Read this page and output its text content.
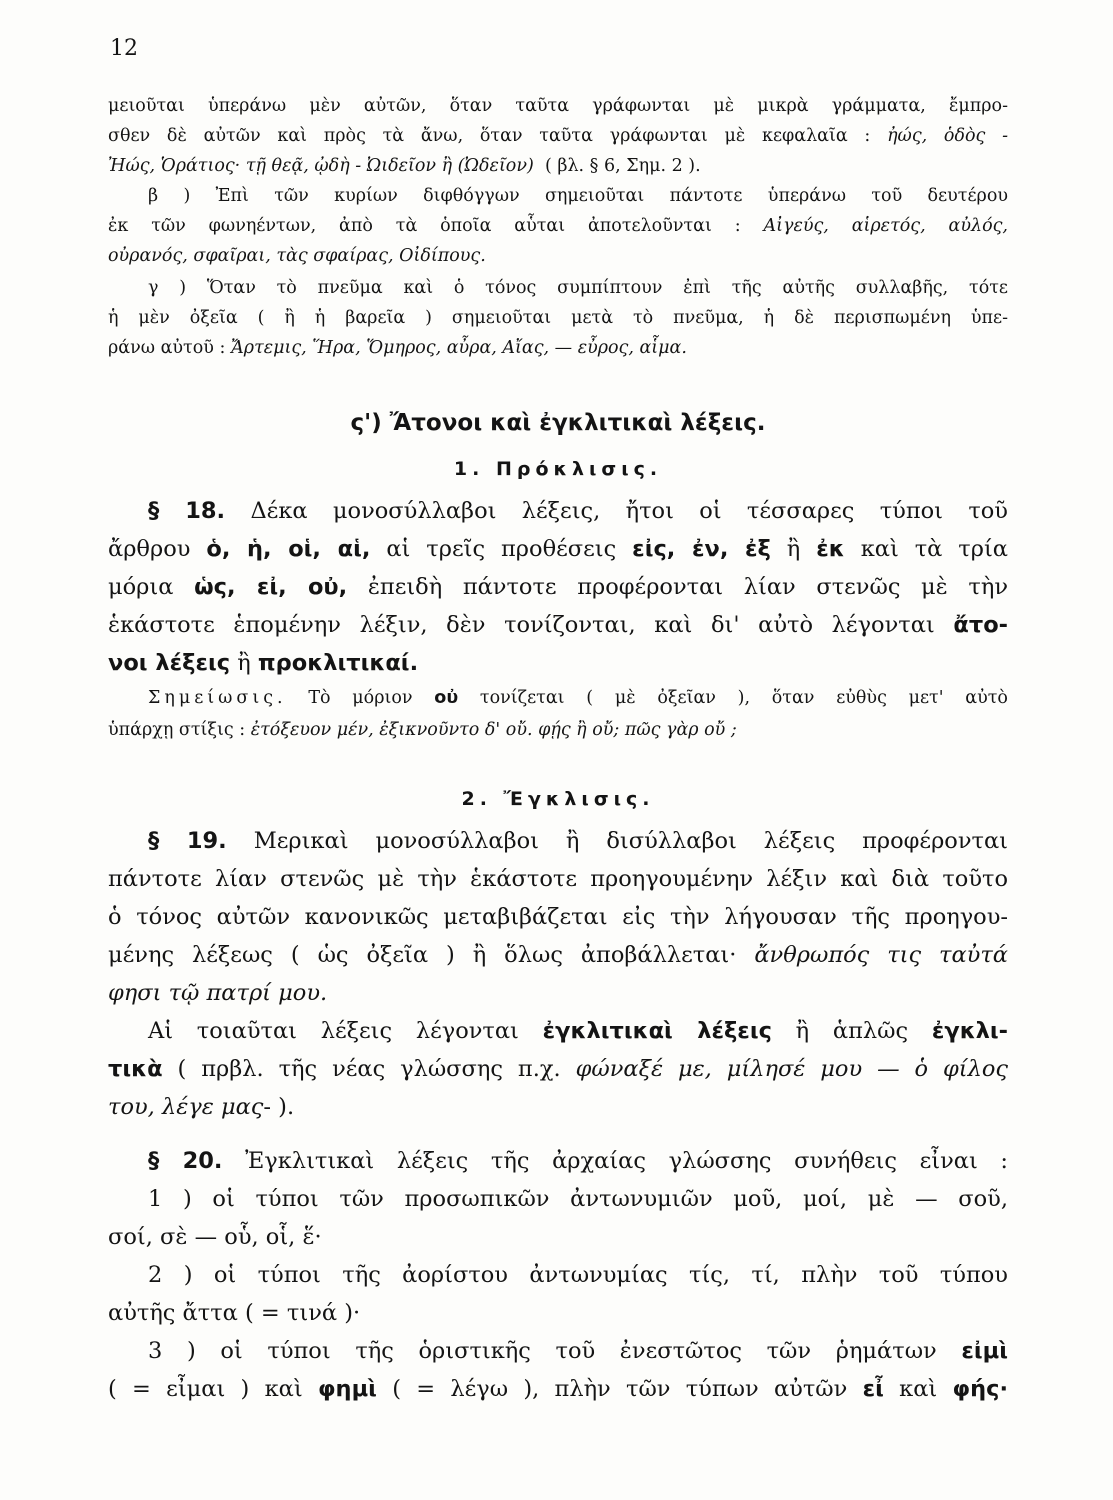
12
μειοῦται ὑπεράνω μὲν αὐτῶν, ὅταν ταῦτα γράφωνται μὲ μικρὰ γράμματα, ἔμπρο-
σθεν δὲ αὐτῶν καὶ πρὸς τὰ ἄνω, ὅταν ταῦτα γράφωνται μὲ κεφαλαῖα : ἠώς, ὁδὸς -
Ἠώς, Ὁράτιος· τῇ θεᾷ, ᾠδὴ - Ὠιδεῖον ἢ (Ὠδεῖον) ( βλ. § 6, Σημ. 2 ).
β ) Ἐπὶ τῶν κυρίων διφθόγγων σημειοῦται πάντοτε ὑπεράνω τοῦ δευτέρου
ἐκ τῶν φωνηέντων, ἀπὸ τὰ ὁποῖα αὗται ἀποτελοῦνται : Αἰγεύς, αἱρετός, αὐλός,
οὐρανός, σφαῖραι, τὰς σφαίρας, Οἰδίπους.
γ ) Ὅταν τὸ πνεῦμα καὶ ὁ τόνος συμπίπτουν ἐπὶ τῆς αὐτῆς συλλαβῆς, τότε
ἡ μὲν ὀξεῖα ( ἢ ἡ βαρεῖα ) σημειοῦται μετὰ τὸ πνεῦμα, ἡ δὲ περισπωμένη ὑπε-
ράνω αὐτοῦ : Ἄρτεμις, Ἥρα, Ὅμηρος, αὖρα, Αἴας, — εὖρος, αἷμα.
ς') Ἄτονοι καὶ ἐγκλιτικαὶ λέξεις.
1. Πρόκλισις.
§ 18. Δέκα μονοσύλλαβοι λέξεις, ἤτοι οἱ τέσσαρες τύποι τοῦ
ἄρθρου ὁ, ἡ, οἱ, αἱ, αἱ τρεῖς προθέσεις εἰς, ἐν, ἐξ ἢ ἐκ καὶ τὰ τρία
μόρια ὡς, εἰ, οὐ, ἐπειδὴ πάντοτε προφέρονται λίαν στενῶς μὲ τὴν
ἑκάστοτε ἑπομένην λέξιν, δὲν τονίζονται, καὶ δι' αὐτὸ λέγονται ἄτο-
νοι λέξεις ἢ προκλιτικαί.
Σημείωσις. Τὸ μόριον οὐ τονίζεται ( μὲ ὀξεῖαν ), ὅταν εὐθὺς μετ' αὐτὸ
ὑπάρχῃ στίξις : ἐτόξευον μέν, ἐξικνοῦντο δ' οὔ. φῄς ἢ οὔ; πῶς γὰρ οὔ ;
2. Ἔγκλισις.
§ 19. Μερικαὶ μονοσύλλαβοι ἢ δισύλλαβοι λέξεις προφέρονται
πάντοτε λίαν στενῶς μὲ τὴν ἑκάστοτε προηγουμένην λέξιν καὶ διὰ τοῦτο
ὁ τόνος αὐτῶν κανονικῶς μεταβιβάζεται εἰς τὴν λήγουσαν τῆς προηγου-
μένης λέξεως ( ὡς ὀξεῖα ) ἢ ὅλως ἀποβάλλεται· ἄνθρωπός τις ταὐτά
φησι τῷ πατρί μου.
Αἱ τοιαῦται λέξεις λέγονται ἐγκλιτικαὶ λέξεις ἢ ἁπλῶς ἐγκλι-
τικὰ ( πρβλ. τῆς νέας γλώσσης π.χ. φώναξέ με, μίλησέ μου — ὁ φίλος
του, λέγε μας- ).
§ 20. Ἐγκλιτικαὶ λέξεις τῆς ἀρχαίας γλώσσης συνήθεις εἶναι :
1 ) οἱ τύποι τῶν προσωπικῶν ἀντωνυμιῶν μοῦ, μοί, μὲ — σοῦ,
σοί, σὲ — οὗ, οἷ, ἕ·
2 ) οἱ τύποι τῆς ἀορίστου ἀντωνυμίας τίς, τί, πλὴν τοῦ τύπου
αὐτῆς ἄττα ( = τινά )·
3 ) οἱ τύποι τῆς ὁριστικῆς τοῦ ἐνεστῶτος τῶν ῥημάτων εἰμὶ
( = εἶμαι ) καὶ φημὶ ( = λέγω ), πλὴν τῶν τύπων αὐτῶν εἶ καὶ φής·
